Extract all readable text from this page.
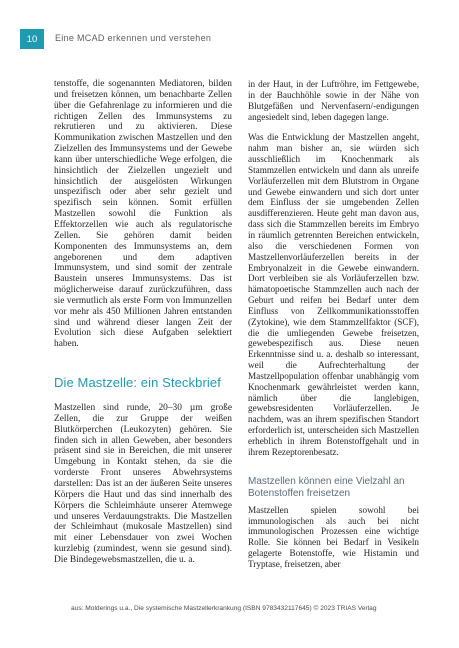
10	Eine MCAD erkennen und verstehen

tenstoffe, die sogenannten Mediatoren, bilden und freisetzen können, um benachbarte Zellen über die Gefahrenlage zu informieren und die richtigen Zellen des Immunsystems zu rekrutieren und zu aktivieren. Diese Kommunikation zwischen Mastzellen und den Zielzellen des Immunsystems und der Gewebe kann über unterschiedliche Wege erfolgen, die hinsichtlich der Zielzellen ungezielt und hinsichtlich der ausgelösten Wirkungen unspezifisch oder aber sehr gezielt und spezifisch sein können. Somit erfüllen Mastzellen sowohl die Funktion als Effektorzellen wie auch als regulatorische Zellen. Sie gehören damit beiden Komponenten des Immunsystems an, dem angeborenen und dem adaptiven Immunsystem, und sind somit der zentrale Baustein unseres Immunsystems. Das ist möglicherweise darauf zurückzuführen, dass sie vermutlich als erste Form von Immunzellen vor mehr als 450 Millionen Jahren entstanden sind und während dieser langen Zeit der Evolution sich diese Aufgaben selektiert haben.

Die Mastzelle: ein Steckbrief

Mastzellen sind runde, 20–30 µm große Zellen, die zur Gruppe der weißen Blutkörperchen (Leukozyten) gehören. Sie finden sich in allen Geweben, aber besonders präsent sind sie in Bereichen, die mit unserer Umgebung in Kontakt stehen, da sie die vorderste Front unseres Abwehrsystems darstellen: Das ist an der äußeren Seite unseres Körpers die Haut und das sind innerhalb des Körpers die Schleimhäute unserer Atemwege und unseres Verdauungstrakts. Die Mastzellen der Schleimhaut (mukosale Mastzellen) sind mit einer Lebensdauer von zwei Wochen kurzlebig (zumindest, wenn sie gesund sind). Die Bindegewebsmastzellen, die u. a.

in der Haut, in der Luftröhre, im Fettgewebe, in der Bauchhöhle sowie in der Nähe von Blutgefäßen und Nervenfasern/-endigungen angesiedelt sind, leben dagegen lange.

Was die Entwicklung der Mastzellen angeht, nahm man bisher an, sie würden sich ausschließlich im Knochenmark als Stammzellen entwickeln und dann als unreife Vorläuferzellen mit dem Blutstrom in Organe und Gewebe einwandern und sich dort unter dem Einfluss der sie umgebenden Zellen ausdifferenzieren. Heute geht man davon aus, dass sich die Stammzellen bereits im Embryo in räumlich getrennten Bereichen entwickeln, also die verschiedenen Formen von Mastzellenvorläuferzellen bereits in der Embryonalzeit in die Gewebe einwandern. Dort verbleiben sie als Vorläuferzellen bzw. hämatopoetische Stammzellen auch nach der Geburt und reifen bei Bedarf unter dem Einfluss von Zellkommunikationsstoffen (Zytokine), wie dem Stammzellfaktor (SCF), die die umliegenden Gewebe freisetzen, gewebespezifisch aus. Diese neuen Erkenntnisse sind u. a. deshalb so interessant, weil die Aufrechterhaltung der Mastzellpopulation offenbar unabhängig vom Knochenmark gewährleistet werden kann, nämlich über die langlebigen, gewebsresidenten Vorläuferzellen. Je nachdem, was an ihrem spezifischen Standort erforderlich ist, unterscheiden sich Mastzellen erheblich in ihrem Botenstoffgehalt und in ihrem Rezeptorenbesatz.

Mastzellen können eine Vielzahl an Botenstoffen freisetzen

Mastzellen spielen sowohl bei immunologischen als auch bei nicht immunologischen Prozessen eine wichtige Rolle. Sie können bei Bedarf in Vesikeln gelagerte Botenstoffe, wie Histamin und Tryptase, freisetzen, aber

aus: Molderings u.a., Die systemische Mastzellerkrankung (ISBN 9783432117645) © 2023 TRIAS Verlag
